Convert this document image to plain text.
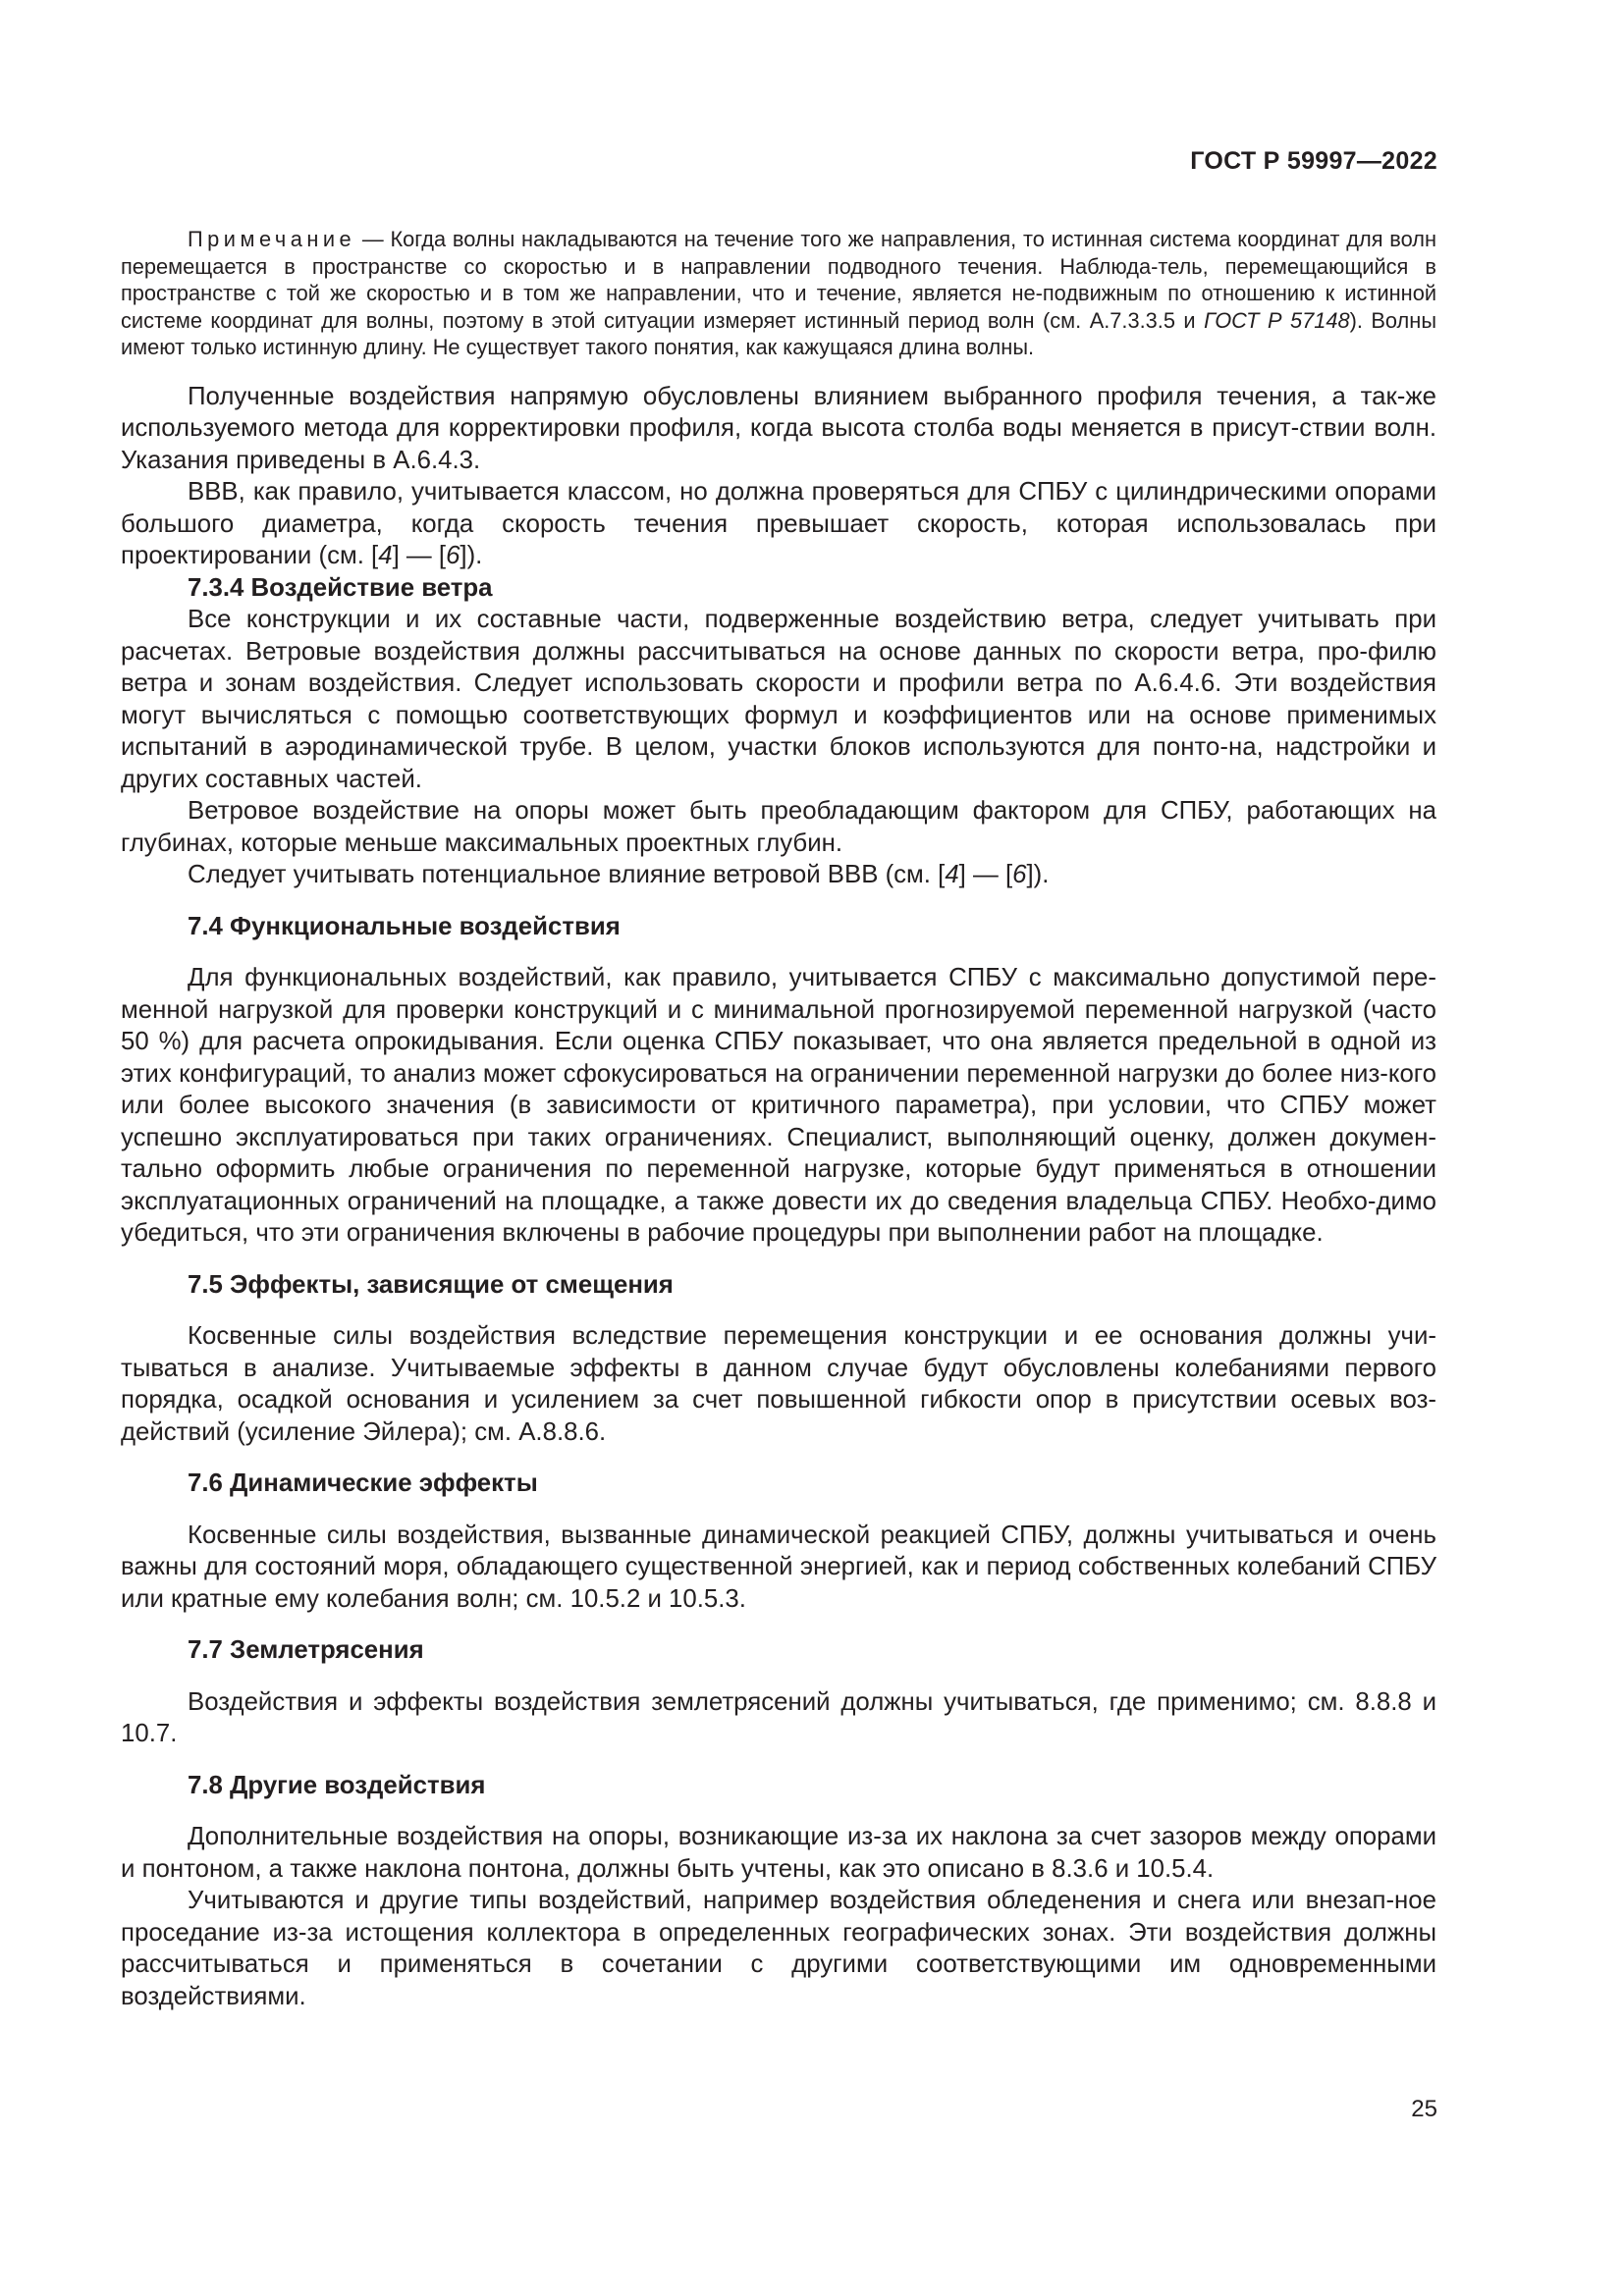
ГОСТ Р 59997—2022

Примечание — Когда волны накладываются на течение того же направления, то истинная система координат для волн перемещается в пространстве со скоростью и в направлении подводного течения. Наблюда-тель, перемещающийся в пространстве с той же скоростью и в том же направлении, что и течение, является не-подвижным по отношению к истинной системе координат для волны, поэтому в этой ситуации измеряет истинный период волн (см. А.7.3.3.5 и ГОСТ Р 57148). Волны имеют только истинную длину. Не существует такого понятия, как кажущаяся длина волны.

Полученные воздействия напрямую обусловлены влиянием выбранного профиля течения, а так-же используемого метода для корректировки профиля, когда высота столба воды меняется в присут-ствии волн. Указания приведены в А.6.4.3.

ВВВ, как правило, учитывается классом, но должна проверяться для СПБУ с цилиндрическими опорами большого диаметра, когда скорость течения превышает скорость, которая использовалась при проектировании (см. [4] — [6]).

7.3.4 Воздействие ветра

Все конструкции и их составные части, подверженные воздействию ветра, следует учитывать при расчетах. Ветровые воздействия должны рассчитываться на основе данных по скорости ветра, про-филю ветра и зонам воздействия. Следует использовать скорости и профили ветра по А.6.4.6. Эти воздействия могут вычисляться с помощью соответствующих формул и коэффициентов или на основе применимых испытаний в аэродинамической трубе. В целом, участки блоков используются для понто-на, надстройки и других составных частей.

Ветровое воздействие на опоры может быть преобладающим фактором для СПБУ, работающих на глубинах, которые меньше максимальных проектных глубин.

Следует учитывать потенциальное влияние ветровой ВВВ (см. [4] — [6]).

7.4 Функциональные воздействия

Для функциональных воздействий, как правило, учитывается СПБУ с максимально допустимой пере-менной нагрузкой для проверки конструкций и с минимальной прогнозируемой переменной нагрузкой (часто 50 %) для расчета опрокидывания. Если оценка СПБУ показывает, что она является предельной в одной из этих конфигураций, то анализ может сфокусироваться на ограничении переменной нагрузки до более низ-кого или более высокого значения (в зависимости от критичного параметра), при условии, что СПБУ может успешно эксплуатироваться при таких ограничениях. Специалист, выполняющий оценку, должен докумен-тально оформить любые ограничения по переменной нагрузке, которые будут применяться в отношении эксплуатационных ограничений на площадке, а также довести их до сведения владельца СПБУ. Необхо-димо убедиться, что эти ограничения включены в рабочие процедуры при выполнении работ на площадке.

7.5 Эффекты, зависящие от смещения

Косвенные силы воздействия вследствие перемещения конструкции и ее основания должны учи-тываться в анализе. Учитываемые эффекты в данном случае будут обусловлены колебаниями первого порядка, осадкой основания и усилением за счет повышенной гибкости опор в присутствии осевых воз-действий (усиление Эйлера); см. А.8.8.6.

7.6 Динамические эффекты

Косвенные силы воздействия, вызванные динамической реакцией СПБУ, должны учитываться и очень важны для состояний моря, обладающего существенной энергией, как и период собственных колебаний СПБУ или кратные ему колебания волн; см. 10.5.2 и 10.5.3.

7.7 Землетрясения

Воздействия и эффекты воздействия землетрясений должны учитываться, где применимо; см. 8.8.8 и 10.7.

7.8 Другие воздействия

Дополнительные воздействия на опоры, возникающие из-за их наклона за счет зазоров между опорами и понтоном, а также наклона понтона, должны быть учтены, как это описано в 8.3.6 и 10.5.4.

Учитываются и другие типы воздействий, например воздействия обледенения и снега или внезап-ное проседание из-за истощения коллектора в определенных географических зонах. Эти воздействия должны рассчитываться и применяться в сочетании с другими соответствующими им одновременными воздействиями.

25
